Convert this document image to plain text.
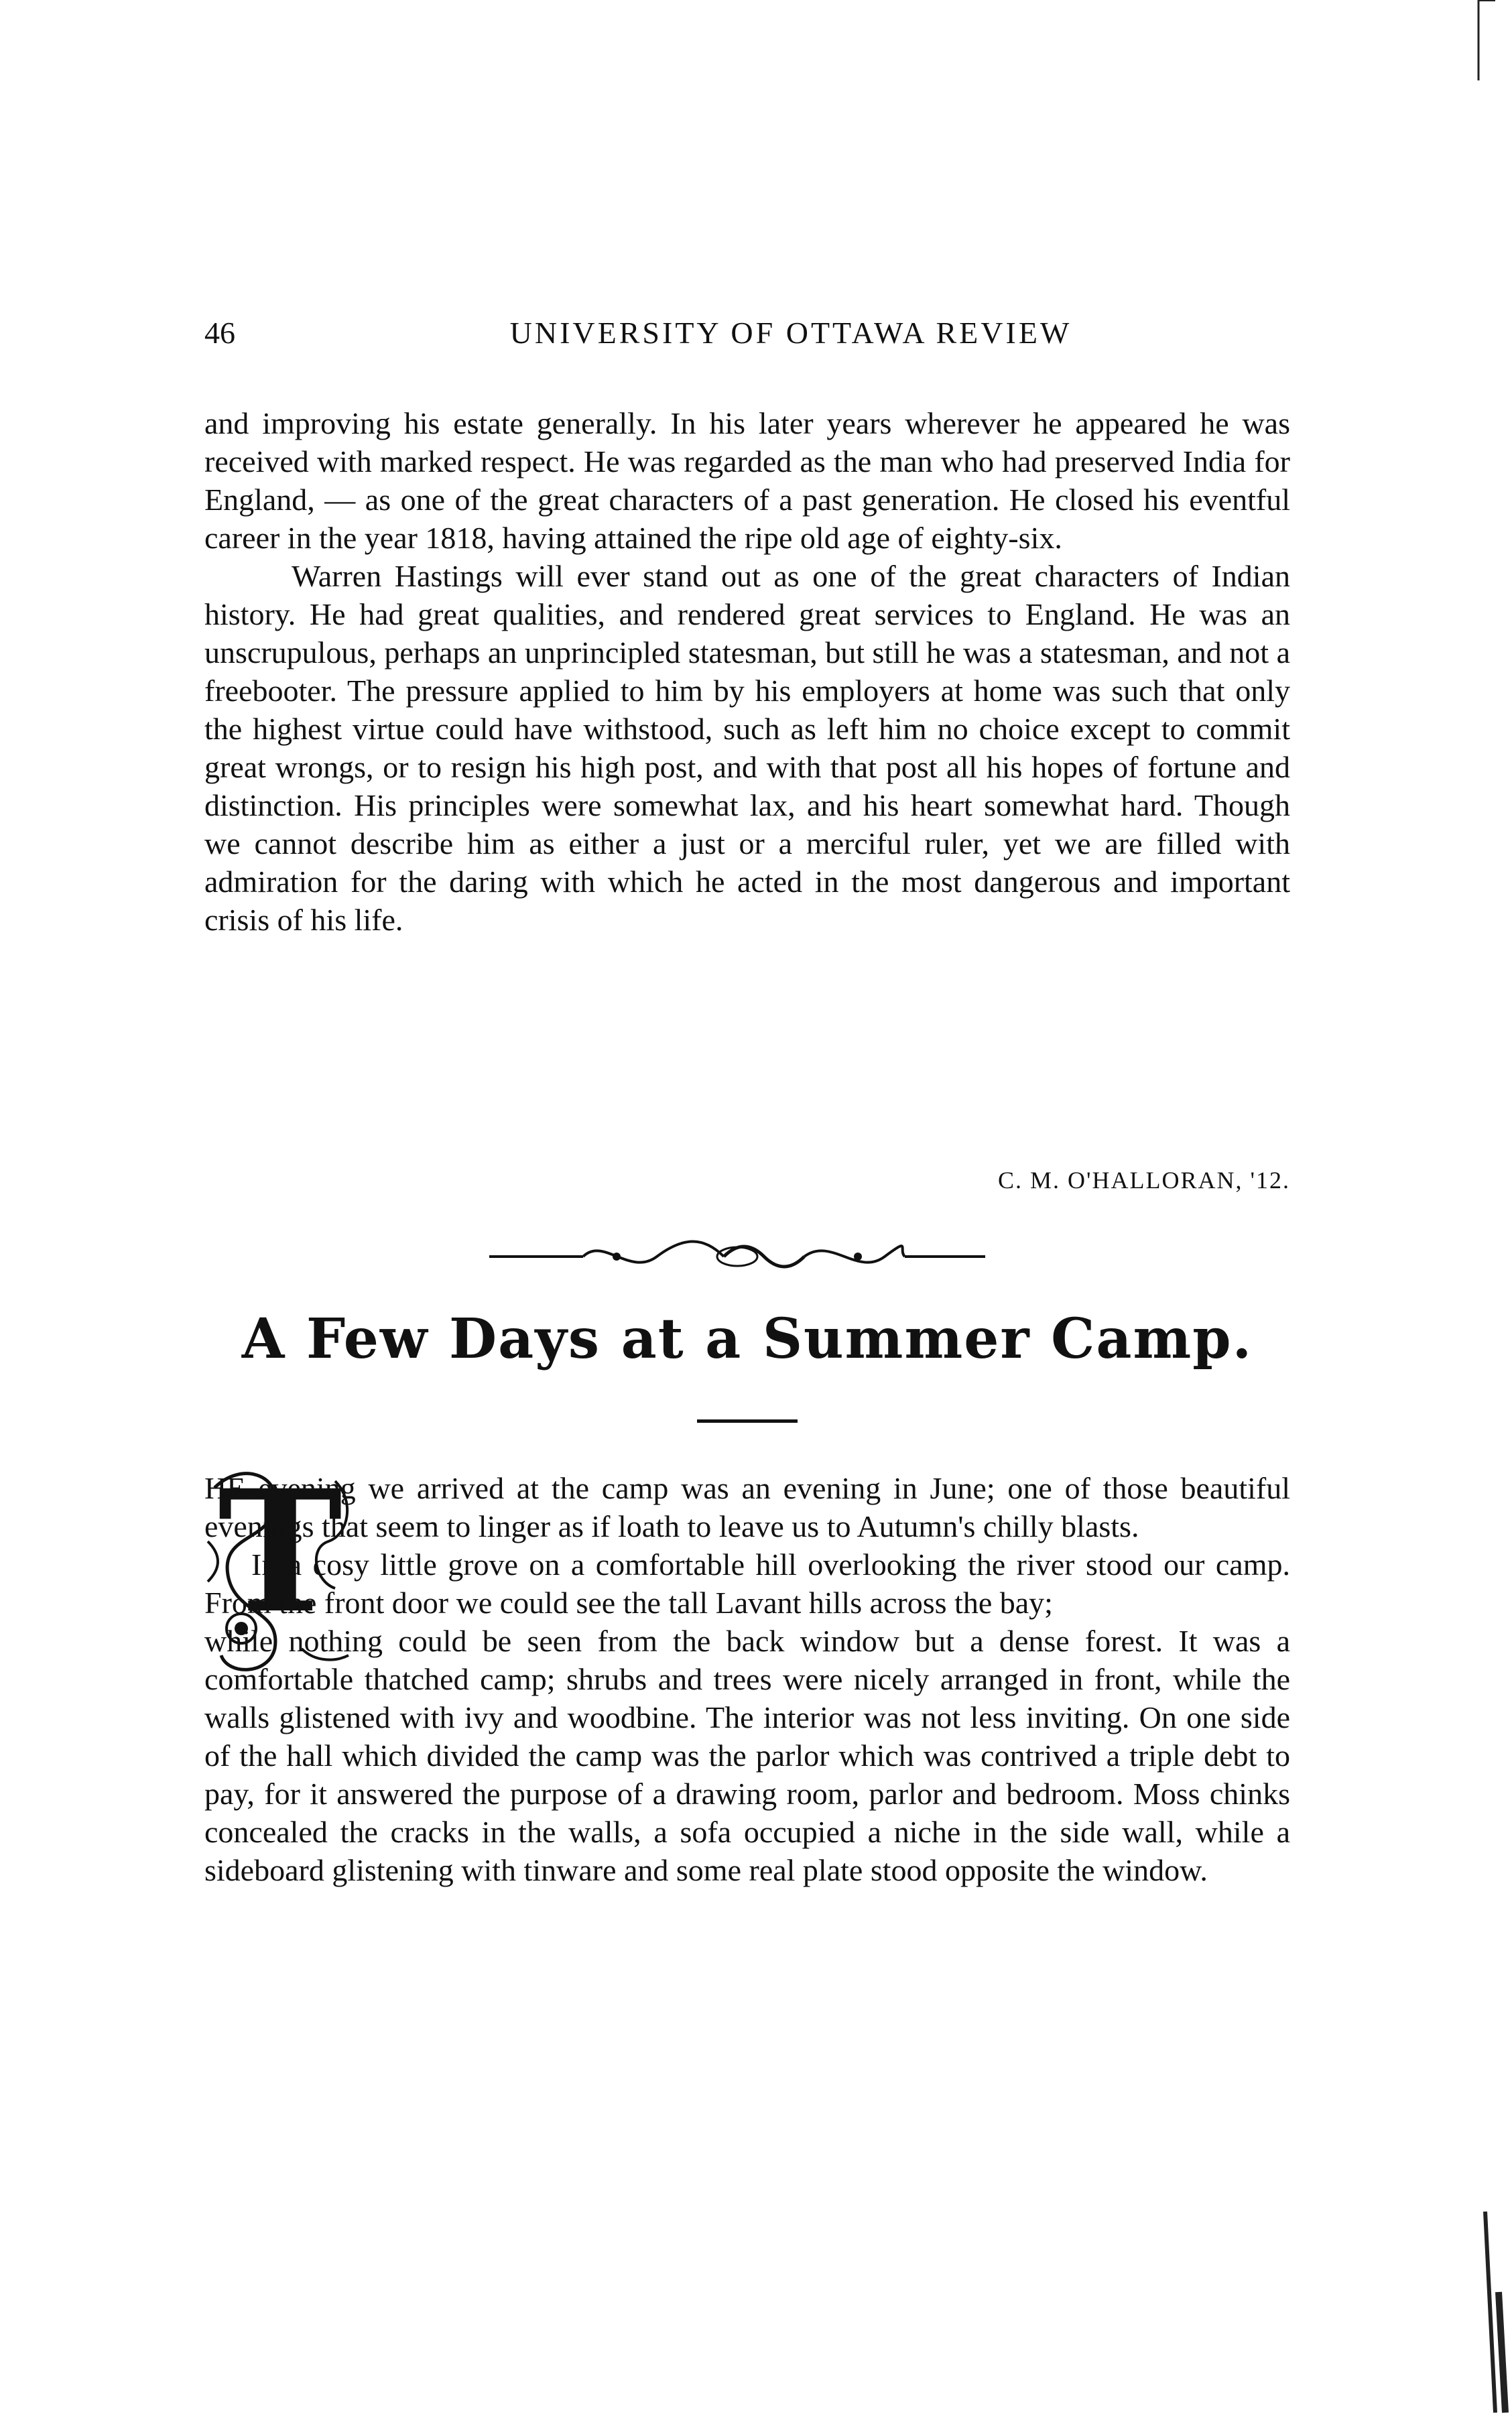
46	UNIVERSITY OF OTTAWA REVIEW

and improving his estate generally. In his later years wherever he appeared he was received with marked respect. He was regarded as the man who had preserved India for England, — as one of the great characters of a past generation. He closed his eventful career in the year 1818, having attained the ripe old age of eighty-six.

Warren Hastings will ever stand out as one of the great characters of Indian history. He had great qualities, and rendered great services to England. He was an unscrupulous, perhaps an unprincipled statesman, but still he was a statesman, and not a freebooter. The pressure applied to him by his employers at home was such that only the highest virtue could have withstood, such as left him no choice except to commit great wrongs, or to resign his high post, and with that post all his hopes of fortune and distinction. His principles were somewhat lax, and his heart somewhat hard. Though we cannot describe him as either a just or a merciful ruler, yet we are filled with admiration for the daring with which he acted in the most dangerous and important crisis of his life.

C. M. O'HALLORAN, '12.
A Few Days at a Summer Camp.
T

HE evening we arrived at the camp was an evening in June; one of those beautiful evenings that seem to linger as if loath to leave us to Autumn's chilly blasts.

In a cosy little grove on a comfortable hill overlooking the river stood our camp. From the front door we could see the tall Lavant hills across the bay;

while nothing could be seen from the back window but a dense forest. It was a comfortable thatched camp; shrubs and trees were nicely arranged in front, while the walls glistened with ivy and woodbine. The interior was not less inviting. On one side of the hall which divided the camp was the parlor which was contrived a triple debt to pay, for it answered the purpose of a drawing room, parlor and bedroom. Moss chinks concealed the cracks in the walls, a sofa occupied a niche in the side wall, while a sideboard glistening with tinware and some real plate stood opposite the window.
